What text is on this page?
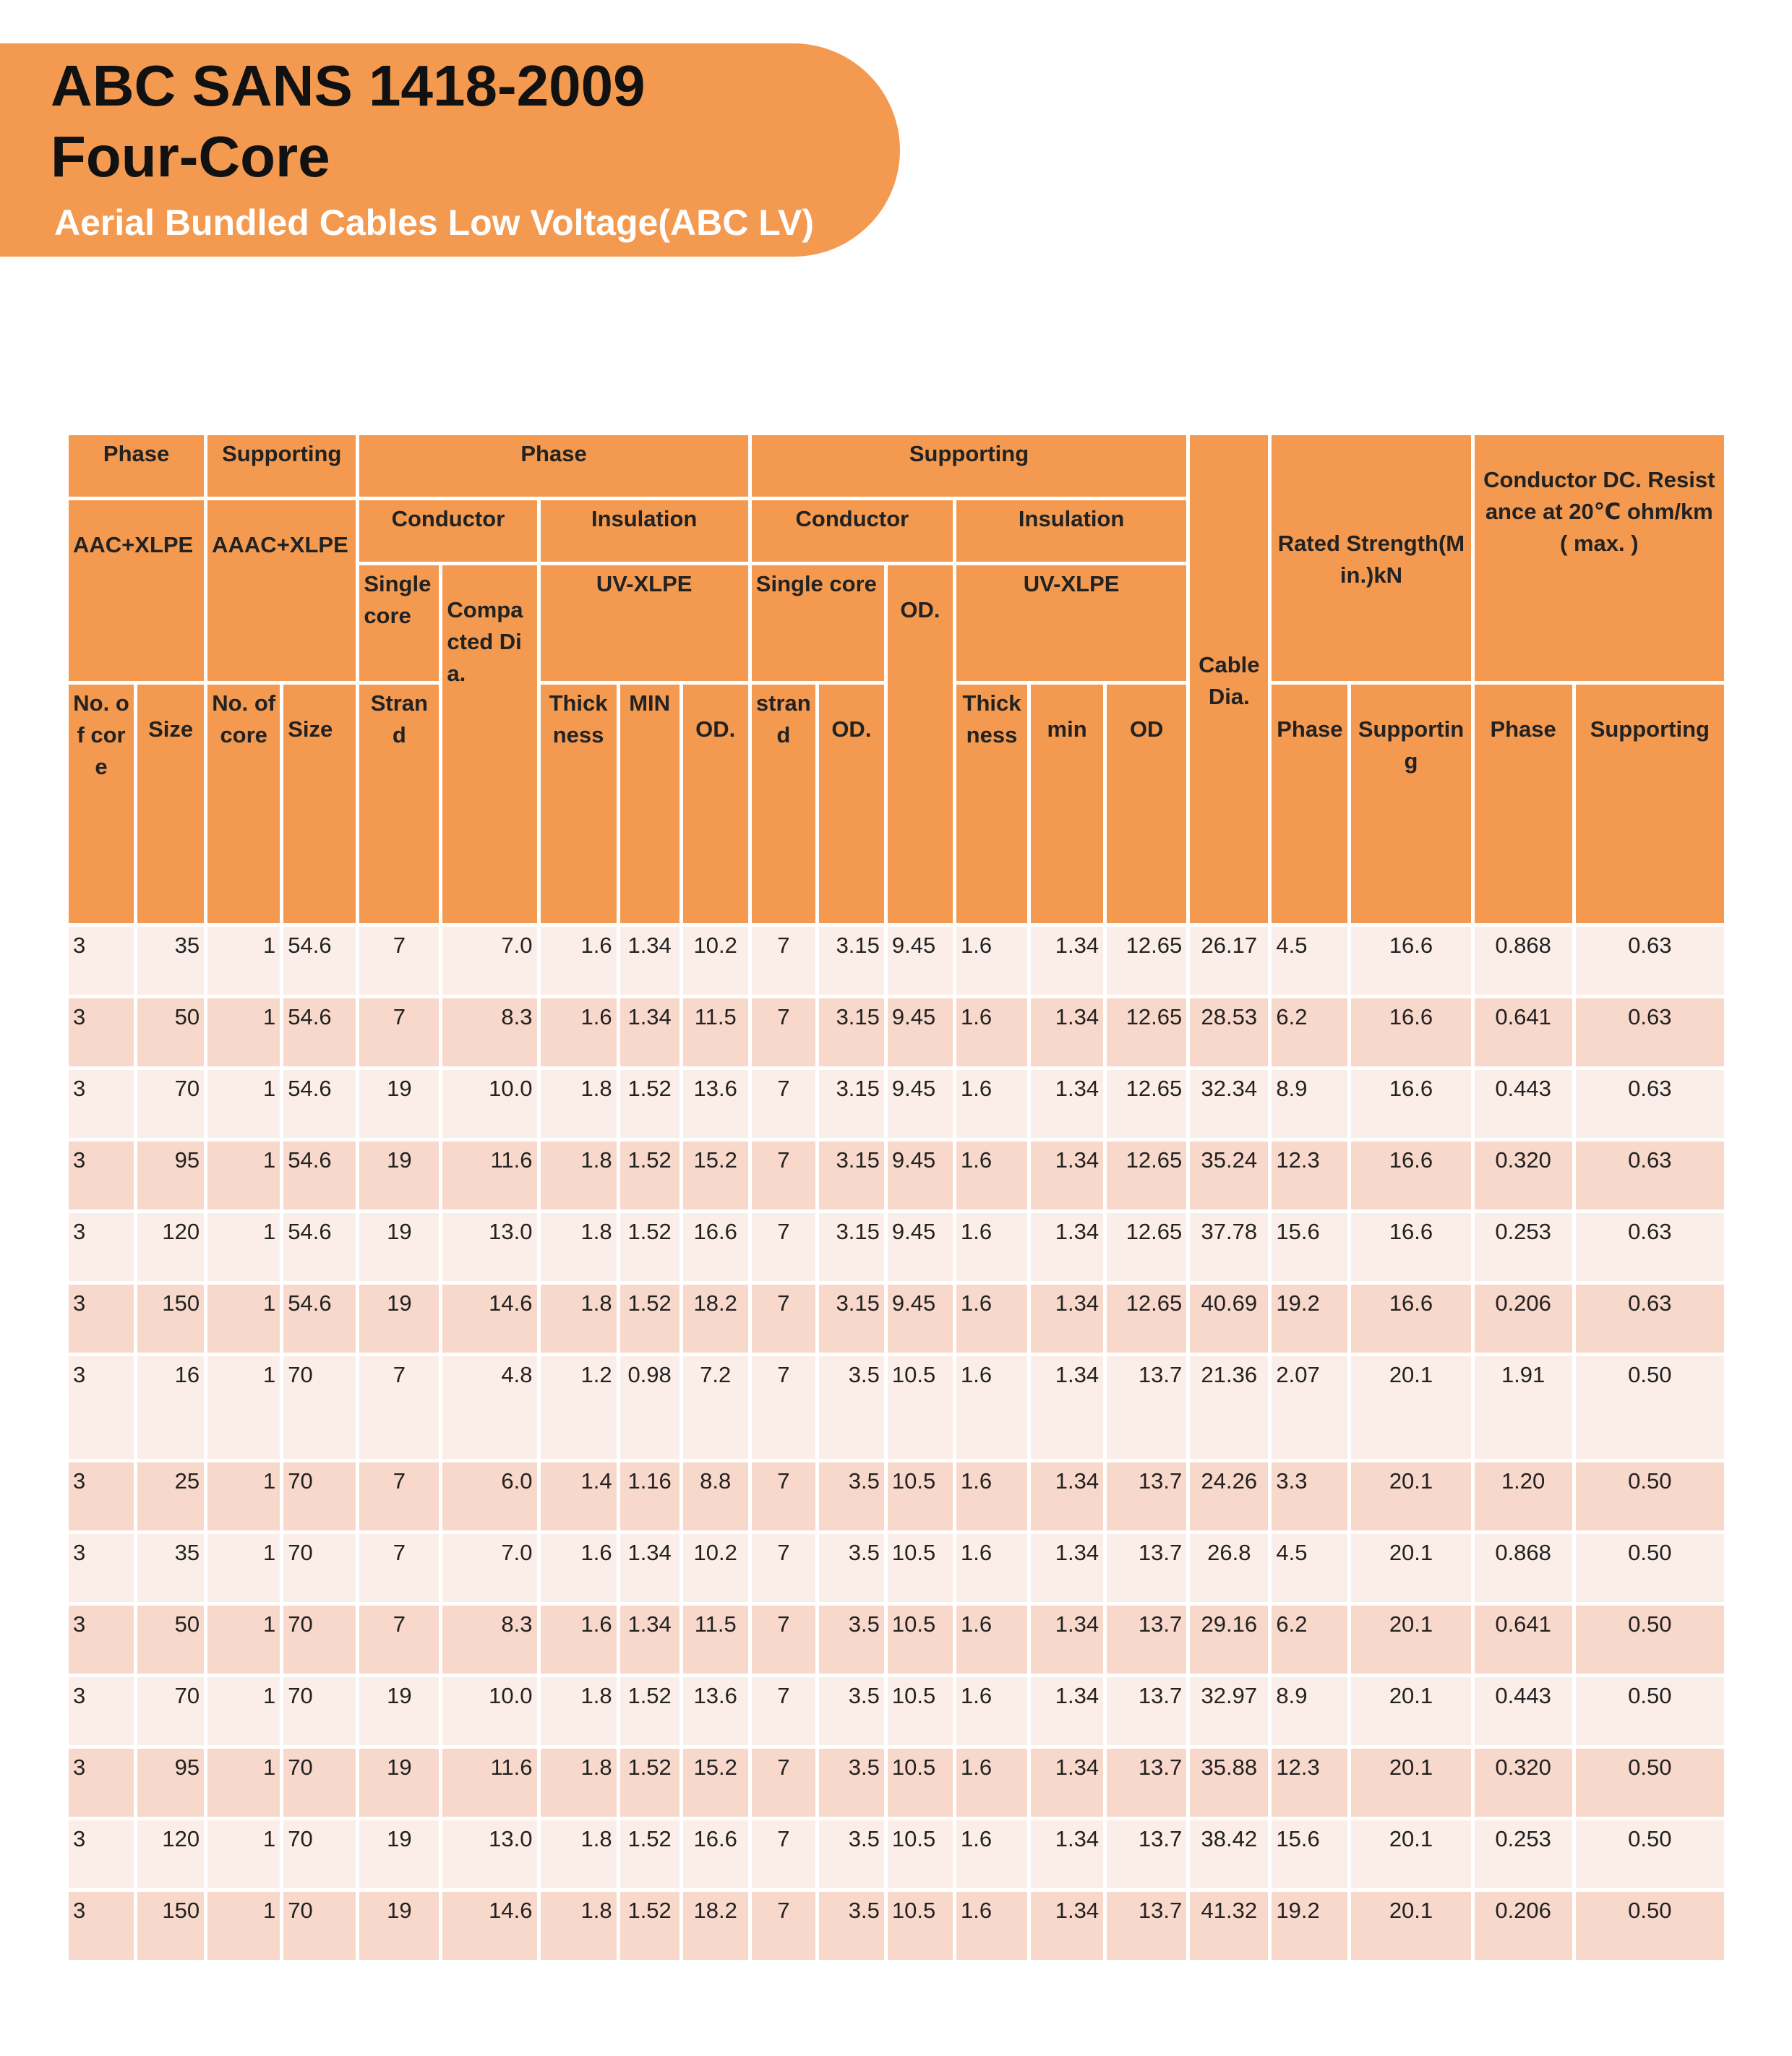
ABC SANS 1418-2009
Four-Core
Aerial Bundled Cables Low Voltage(ABC LV)
Phase		Supporting		Phase					Supporting						Cable Dia.	Rated Strength(Min.)kN		Conductor DC. Resistance at 20℃ ohm/km ( max. )	
AAC+XLPE		AAAC+XLPE		Conductor		Insulation			Conductor			Insulation							
				Single core	Compacted Dia.	UV-XLPE			Single core		OD.	UV-XLPE							
No. of core	Size	No. of core	Size	Strand		Thickness	MIN	OD.	strand	OD.		Thickness	min	OD		Phase	Supporting	Phase	Supporting
3	35	1	54.6	7	7.0	1.6	1.34	10.2	7	3.15	9.45	1.6	1.34	12.65	26.17	4.5	16.6	0.868	0.63
3	50	1	54.6	7	8.3	1.6	1.34	11.5	7	3.15	9.45	1.6	1.34	12.65	28.53	6.2	16.6	0.641	0.63
3	70	1	54.6	19	10.0	1.8	1.52	13.6	7	3.15	9.45	1.6	1.34	12.65	32.34	8.9	16.6	0.443	0.63
3	95	1	54.6	19	11.6	1.8	1.52	15.2	7	3.15	9.45	1.6	1.34	12.65	35.24	12.3	16.6	0.320	0.63
3	120	1	54.6	19	13.0	1.8	1.52	16.6	7	3.15	9.45	1.6	1.34	12.65	37.78	15.6	16.6	0.253	0.63
3	150	1	54.6	19	14.6	1.8	1.52	18.2	7	3.15	9.45	1.6	1.34	12.65	40.69	19.2	16.6	0.206	0.63
3	16	1	70	7	4.8	1.2	0.98	7.2	7	3.5	10.5	1.6	1.34	13.7	21.36	2.07	20.1	1.91	0.50
3	25	1	70	7	6.0	1.4	1.16	8.8	7	3.5	10.5	1.6	1.34	13.7	24.26	3.3	20.1	1.20	0.50
3	35	1	70	7	7.0	1.6	1.34	10.2	7	3.5	10.5	1.6	1.34	13.7	26.8	4.5	20.1	0.868	0.50
3	50	1	70	7	8.3	1.6	1.34	11.5	7	3.5	10.5	1.6	1.34	13.7	29.16	6.2	20.1	0.641	0.50
3	70	1	70	19	10.0	1.8	1.52	13.6	7	3.5	10.5	1.6	1.34	13.7	32.97	8.9	20.1	0.443	0.50
3	95	1	70	19	11.6	1.8	1.52	15.2	7	3.5	10.5	1.6	1.34	13.7	35.88	12.3	20.1	0.320	0.50
3	120	1	70	19	13.0	1.8	1.52	16.6	7	3.5	10.5	1.6	1.34	13.7	38.42	15.6	20.1	0.253	0.50
3	150	1	70	19	14.6	1.8	1.52	18.2	7	3.5	10.5	1.6	1.34	13.7	41.32	19.2	20.1	0.206	0.50
